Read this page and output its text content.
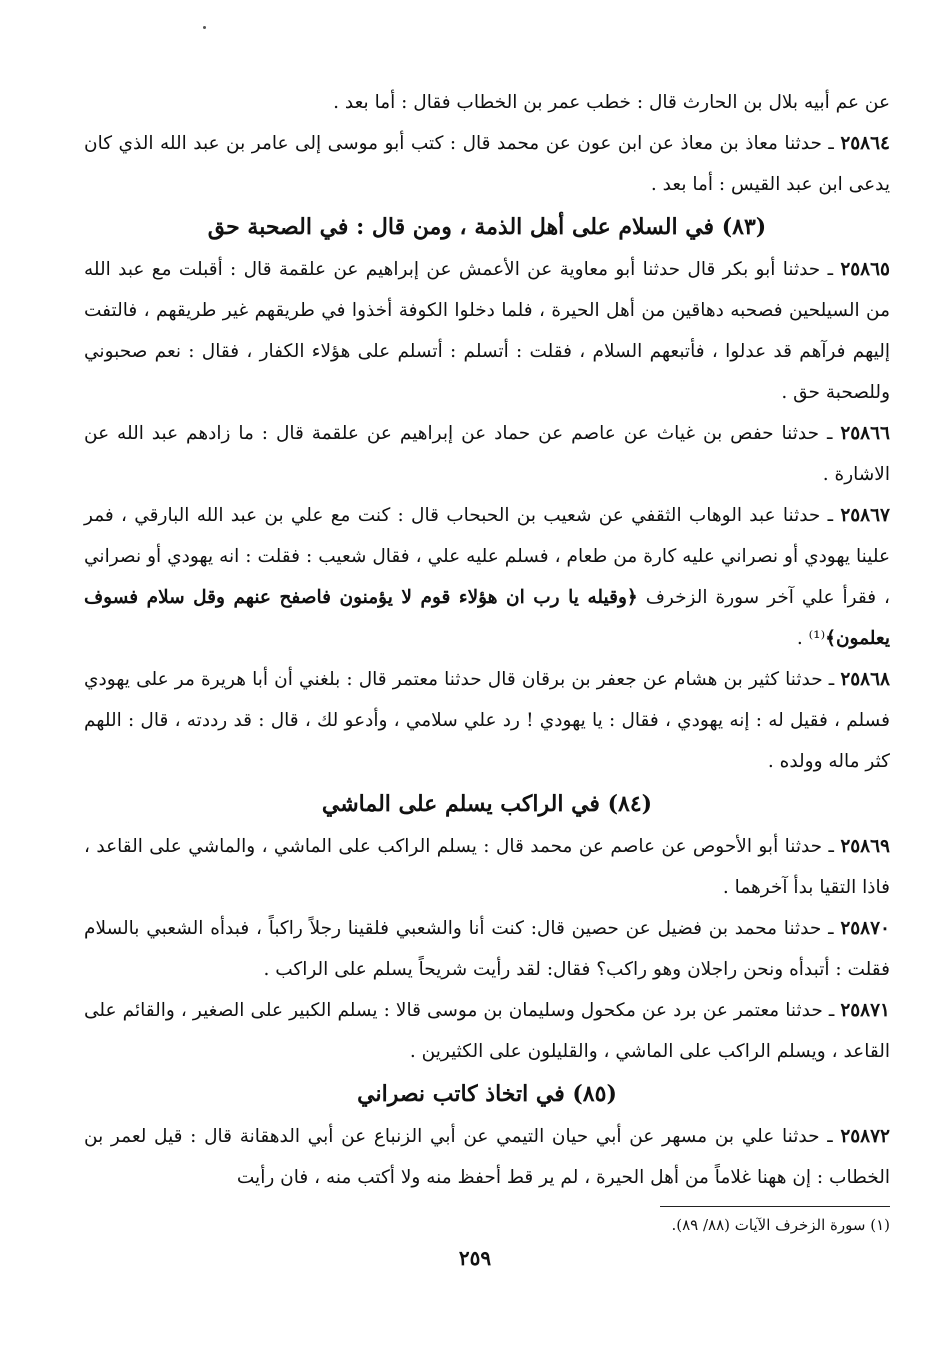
عن عم أبيه بلال بن الحارث قال : خطب عمر بن الخطاب فقال : أما بعد .

٢٥٨٦٤ ـ حدثنا معاذ بن معاذ عن ابن عون عن محمد قال : كتب أبو موسى إلى عامر بن عبد الله الذي كان يدعى ابن عبد القيس : أما بعد .

(٨٣) في السلام على أهل الذمة ، ومن قال : في الصحبة حق

٢٥٨٦٥ ـ حدثنا أبو بكر قال حدثنا أبو معاوية عن الأعمش عن إبراهيم عن علقمة قال : أقبلت مع عبد الله من السيلحين فصحبه دهاقين من أهل الحيرة ، فلما دخلوا الكوفة أخذوا في طريقهم غير طريقهم ، فالتفت إليهم فرآهم قد عدلوا ، فأتبعهم السلام ، فقلت : أتسلم : أتسلم على هؤلاء الكفار ، فقال : نعم صحبوني وللصحبة حق .

٢٥٨٦٦ ـ حدثنا حفص بن غياث عن عاصم عن حماد عن إبراهيم عن علقمة قال : ما زادهم عبد الله عن الاشارة .

٢٥٨٦٧ ـ حدثنا عبد الوهاب الثقفي عن شعيب بن الحبحاب قال : كنت مع علي بن عبد الله البارقي ، فمر علينا يهودي أو نصراني عليه كارة من طعام ، فسلم عليه علي ، فقال شعيب : فقلت : انه يهودي أو نصراني ، فقرأ علي آخر سورة الزخرف ﴿وقيله يا رب ان هؤلاء قوم لا يؤمنون فاصفح عنهم وقل سلام فسوف يعلمون﴾⁽¹⁾ .

٢٥٨٦٨ ـ حدثنا كثير بن هشام عن جعفر بن برقان قال حدثنا معتمر قال : بلغني أن أبا هريرة مر على يهودي فسلم ، فقيل له : إنه يهودي ، فقال : يا يهودي ! رد علي سلامي ، وأدعو لك ، قال : قد رددته ، قال : اللهم كثر ماله وولده .

(٨٤) في الراكب يسلم على الماشي

٢٥٨٦٩ ـ حدثنا أبو الأحوص عن عاصم عن محمد قال : يسلم الراكب على الماشي ، والماشي على القاعد ، فاذا التقيا بدأ آخرهما .

٢٥٨٧٠ ـ حدثنا محمد بن فضيل عن حصين قال: كنت أنا والشعبي فلقينا رجلاً راكباً ، فبدأه الشعبي بالسلام فقلت : أتبدأه ونحن راجلان وهو راكب؟ فقال: لقد رأيت شريحاً يسلم على الراكب .

٢٥٨٧١ ـ حدثنا معتمر عن برد عن مكحول وسليمان بن موسى قالا : يسلم الكبير على الصغير ، والقائم على القاعد ، ويسلم الراكب على الماشي ، والقليلون على الكثيرين .

(٨٥) في اتخاذ كاتب نصراني

٢٥٨٧٢ ـ حدثنا علي بن مسهر عن أبي حيان التيمي عن أبي الزنباع عن أبي الدهقانة قال : قيل لعمر بن الخطاب : إن ههنا غلاماً من أهل الحيرة ، لم ير قط أحفظ منه ولا أكتب منه ، فان رأيت

(١) سورة الزخرف الآيات (٨٨/ ٨٩).
٢٥٩
